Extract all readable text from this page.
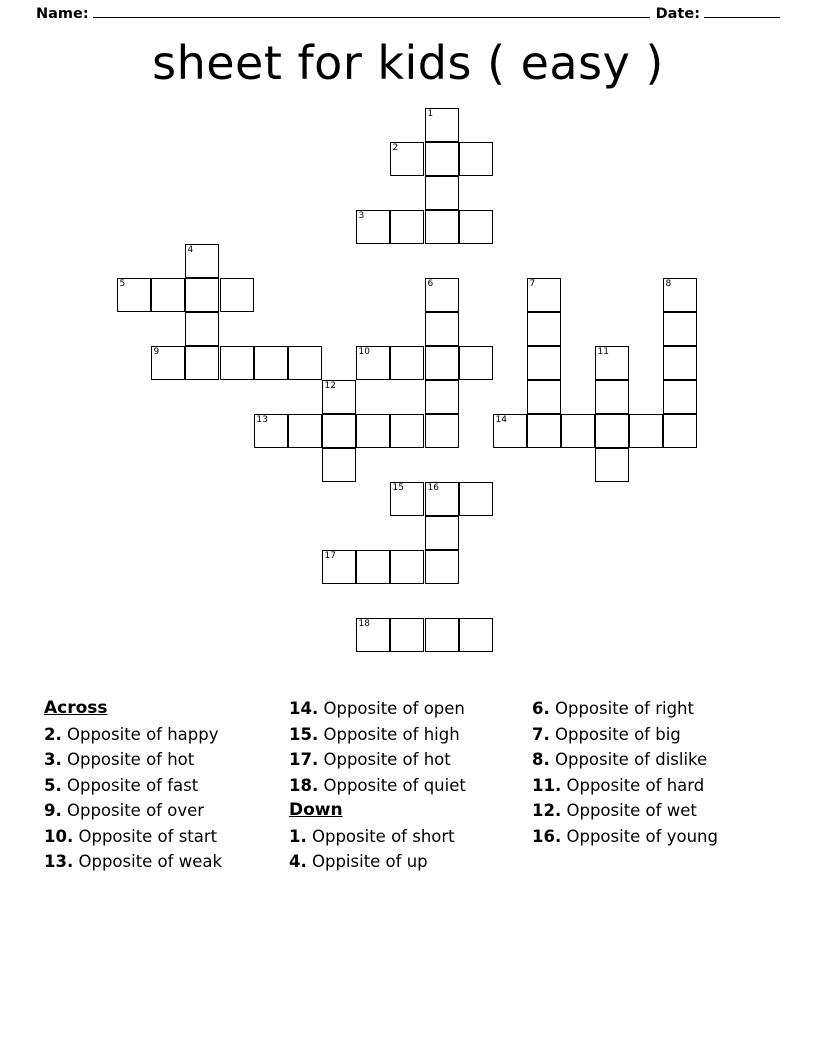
Name:	Date:
sheet for kids ( easy )
1
2
3
4
5	6	7	8
9	10	11
12
13	14
15	16
17
18
Across
2. Opposite of happy
3. Opposite of hot
5. Opposite of fast
9. Opposite of over
10. Opposite of start
13. Opposite of weak
14. Opposite of open
15. Opposite of high
17. Opposite of hot
18. Opposite of quiet
Down
1. Opposite of short
4. Oppisite of up
6. Opposite of right
7. Opposite of big
8. Opposite of dislike
11. Opposite of hard
12. Opposite of wet
16. Opposite of young
